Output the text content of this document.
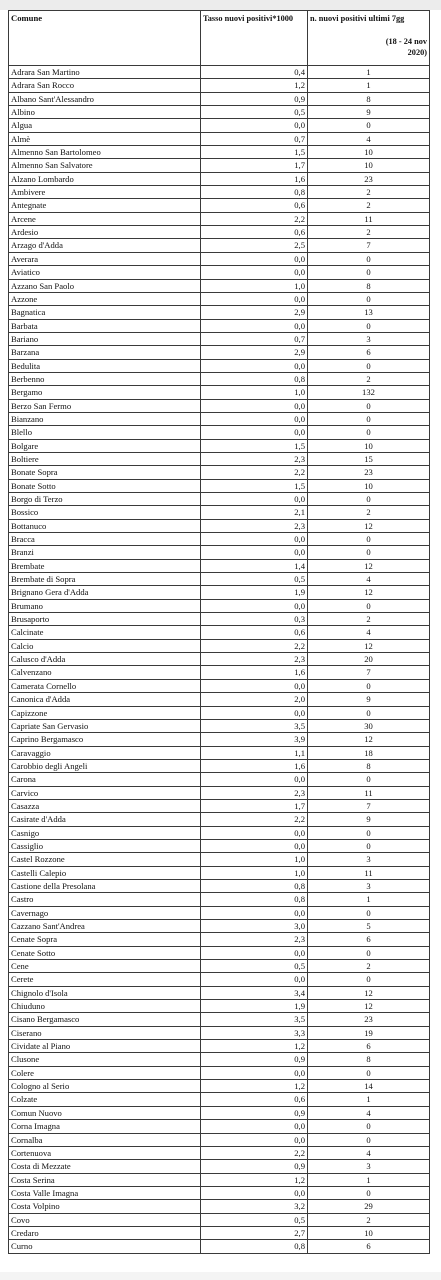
Comune	Tasso nuovi positivi*1000	n. nuovi positivi ultimi 7gg
(18 - 24 nov
2020)

Adrara San Martino	0,4	1
Adrara San Rocco	1,2	1
Albano Sant'Alessandro	0,9	8
Albino	0,5	9
Algua	0,0	0
Almè	0,7	4
Almenno San Bartolomeo	1,5	10
Almenno San Salvatore	1,7	10
Alzano Lombardo	1,6	23
Ambivere	0,8	2
Antegnate	0,6	2
Arcene	2,2	11
Ardesio	0,6	2
Arzago d'Adda	2,5	7
Averara	0,0	0
Aviatico	0,0	0
Azzano San Paolo	1,0	8
Azzone	0,0	0
Bagnatica	2,9	13
Barbata	0,0	0
Bariano	0,7	3
Barzana	2,9	6
Bedulita	0,0	0
Berbenno	0,8	2
Bergamo	1,0	132
Berzo San Fermo	0,0	0
Bianzano	0,0	0
Blello	0,0	0
Bolgare	1,5	10
Boltiere	2,3	15
Bonate Sopra	2,2	23
Bonate Sotto	1,5	10
Borgo di Terzo	0,0	0
Bossico	2,1	2
Bottanuco	2,3	12
Bracca	0,0	0
Branzi	0,0	0
Brembate	1,4	12
Brembate di Sopra	0,5	4
Brignano Gera d'Adda	1,9	12
Brumano	0,0	0
Brusaporto	0,3	2
Calcinate	0,6	4
Calcio	2,2	12
Calusco d'Adda	2,3	20
Calvenzano	1,6	7
Camerata Cornello	0,0	0
Canonica d'Adda	2,0	9
Capizzone	0,0	0
Capriate San Gervasio	3,5	30
Caprino Bergamasco	3,9	12
Caravaggio	1,1	18
Carobbio degli Angeli	1,6	8
Carona	0,0	0
Carvico	2,3	11
Casazza	1,7	7
Casirate d'Adda	2,2	9
Casnigo	0,0	0
Cassiglio	0,0	0
Castel Rozzone	1,0	3
Castelli Calepio	1,0	11
Castione della Presolana	0,8	3
Castro	0,8	1
Cavernago	0,0	0
Cazzano Sant'Andrea	3,0	5
Cenate Sopra	2,3	6
Cenate Sotto	0,0	0
Cene	0,5	2
Cerete	0,0	0
Chignolo d'Isola	3,4	12
Chiuduno	1,9	12
Cisano Bergamasco	3,5	23
Ciserano	3,3	19
Cividate al Piano	1,2	6
Clusone	0,9	8
Colere	0,0	0
Cologno al Serio	1,2	14
Colzate	0,6	1
Comun Nuovo	0,9	4
Corna Imagna	0,0	0
Cornalba	0,0	0
Cortenuova	2,2	4
Costa di Mezzate	0,9	3
Costa Serina	1,2	1
Costa Valle Imagna	0,0	0
Costa Volpino	3,2	29
Covo	0,5	2
Credaro	2,7	10
Curno	0,8	6
